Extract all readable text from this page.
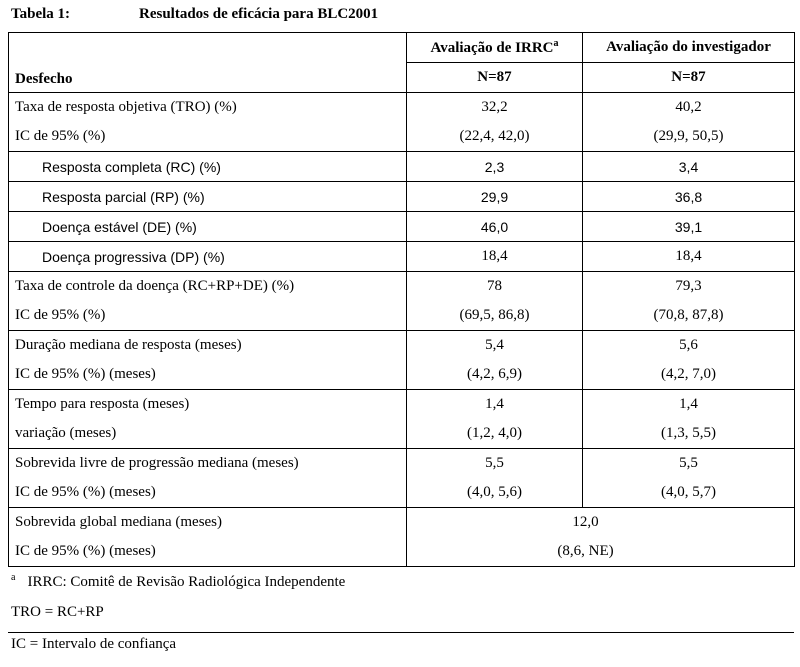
Tabela 1:	Resultados de eficácia para BLC2001
Desfecho	Avaliação de IRRC$^a$	Avaliação do investigador
	N=87	N=87
Taxa de resposta objetiva (TRO) (%)	32,2	40,2
IC de 95% (%)	(22,4, 42,0)	(29,9, 50,5)
Resposta completa (RC) (%)	2,3	3,4
Resposta parcial (RP) (%)	29,9	36,8
Doença estável (DE) (%)	46,0	39,1
Doença progressiva (DP) (%)	18,4	18,4
Taxa de controle da doença (RC+RP+DE) (%)	78	79,3
IC de 95% (%)	(69,5, 86,8)	(70,8, 87,8)
Duração mediana de resposta (meses)	5,4	5,6
IC de 95% (%) (meses)	(4,2, 6,9)	(4,2, 7,0)
Tempo para resposta (meses)	1,4	1,4
variação (meses)	(1,2, 4,0)	(1,3, 5,5)
Sobrevida livre de progressão mediana (meses)	5,5	5,5
IC de 95% (%) (meses)	(4,0, 5,6)	(4,0, 5,7)
Sobrevida global mediana (meses)	12,0	
IC de 95% (%) (meses)	(8,6, NE)	
$^a$ IRRC: Comitê de Revisão Radiológica Independente
TRO = RC+RP
IC = Intervalo de confiança
